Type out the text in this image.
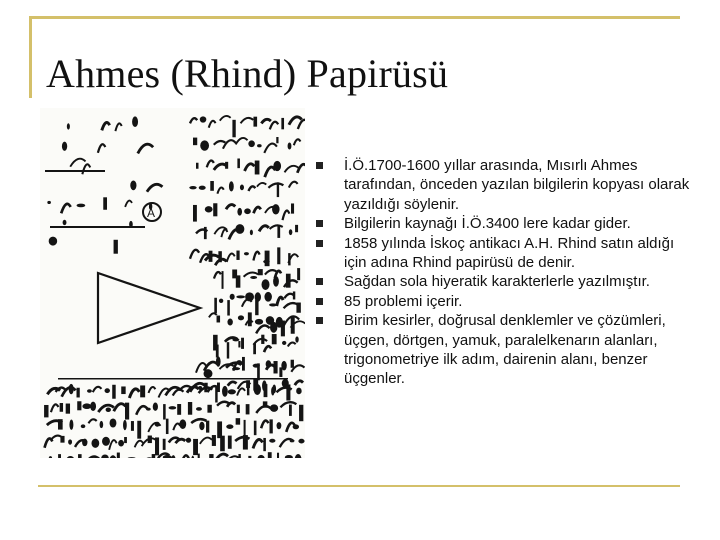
Ahmes (Rhind) Papirüsü
A
İ.Ö.1700-1600 yıllar arasında, Mısırlı Ahmes tarafından, önceden yazılan bilgilerin kopyası olarak yazıldığı söylenir.
Bilgilerin kaynağı İ.Ö.3400 lere kadar gider.
1858 yılında İskoç antikacı A.H. Rhind satın aldığı için adına Rhind papirüsü de denir.
Sağdan sola hiyeratik karakterlerle yazılmıştır.
85 problemi içerir.
Birim kesirler, doğrusal denklemler ve çözümleri, üçgen, dörtgen, yamuk, paralelkenarın alanları, trigonometriye ilk adım, dairenin alanı, benzer üçgenler.
